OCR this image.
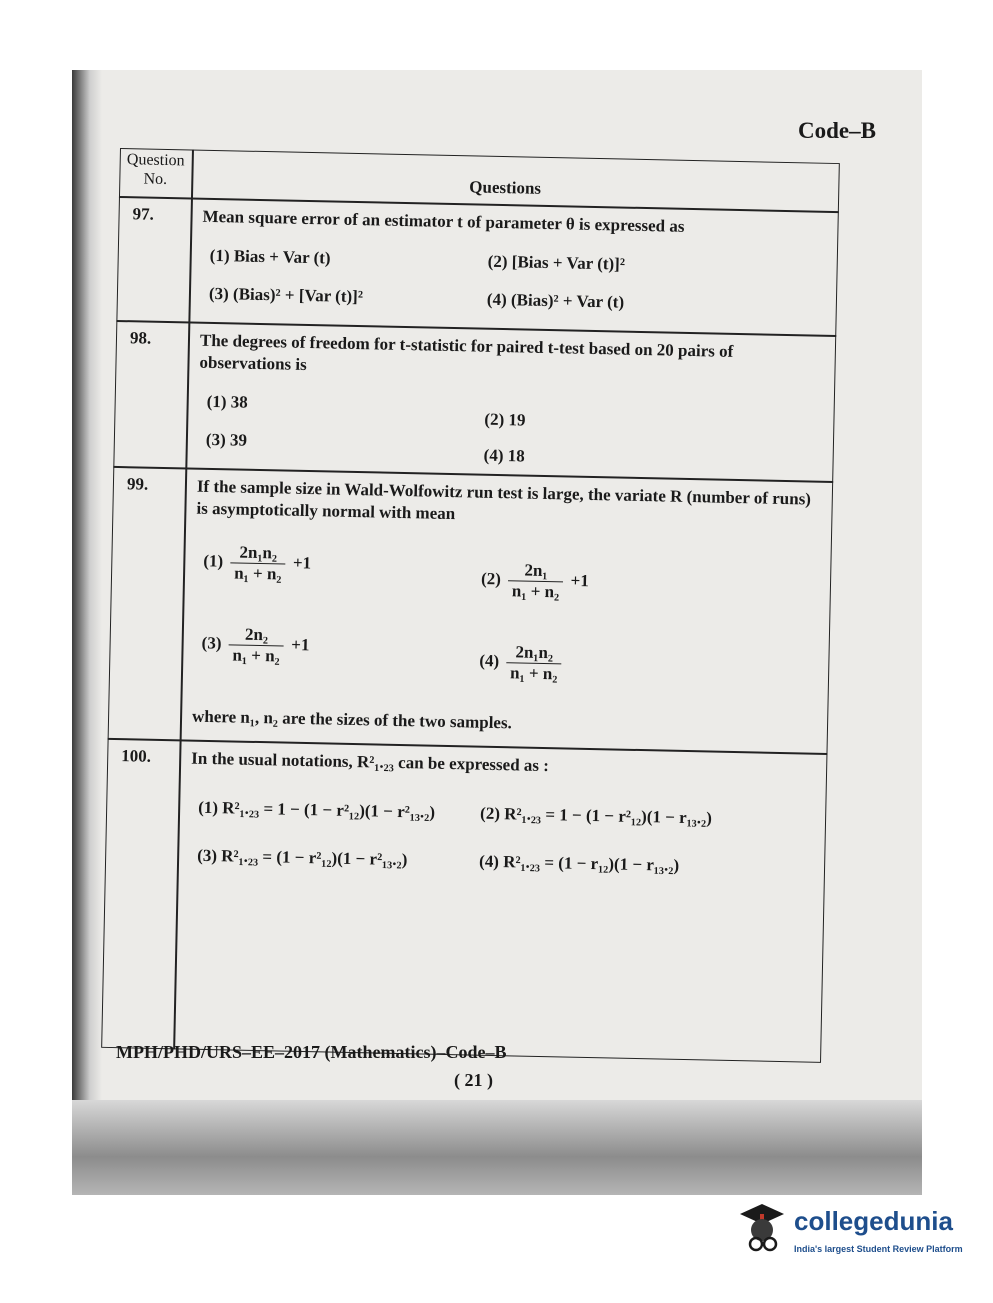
Code–B
Question No.	Questions
97.	Mean square error of an estimator t of parameter θ is expressed as
(1) Bias + Var (t)	(2) [Bias + Var (t)]²
(3) (Bias)² + [Var (t)]²	(4) (Bias)² + Var (t)
98.	The degrees of freedom for t-statistic for paired t-test based on 20 pairs of observations is
(1) 38
(2) 19
(3) 39
(4) 18
99.	If the sample size in Wald-Wolfowitz run test is large, the variate R (number of runs) is asymptotically normal with mean
$(1) \frac{\text{2n₁n₂}}{\text{n₁ + n₂}} +1$
$(2) \frac{\text{2n₁}}{\text{n₁ + n₂}} +1$
$(3) \frac{\text{2n₂}}{\text{n₁ + n₂}} +1$
$(4) \frac{\text{2n₁n₂}}{\text{n₁ + n₂}}$
where n₁, n₂ are the sizes of the two samples.
100. In the usual notations, R²₁.₂₃ can be expressed as :
(1) R²₁.₂₃ = 1 − (1 − r²₁₂)(1 − r²₁₃.₂)	(2) R²₁.₂₃ = 1 − (1 − r²₁₂)(1 − r₁₃.₂)
(3) R²₁.₂₃ = (1 − r²₁₂)(1 − r²₁₃.₂)	(4) R²₁.₂₃ = (1 − r₁₂)(1 − r₁₃.₂)
MPH/PHD/URS–EE–2017 (Mathematics)–Code–B
( 21 )
collegedunia
India's largest Student Review Platform
